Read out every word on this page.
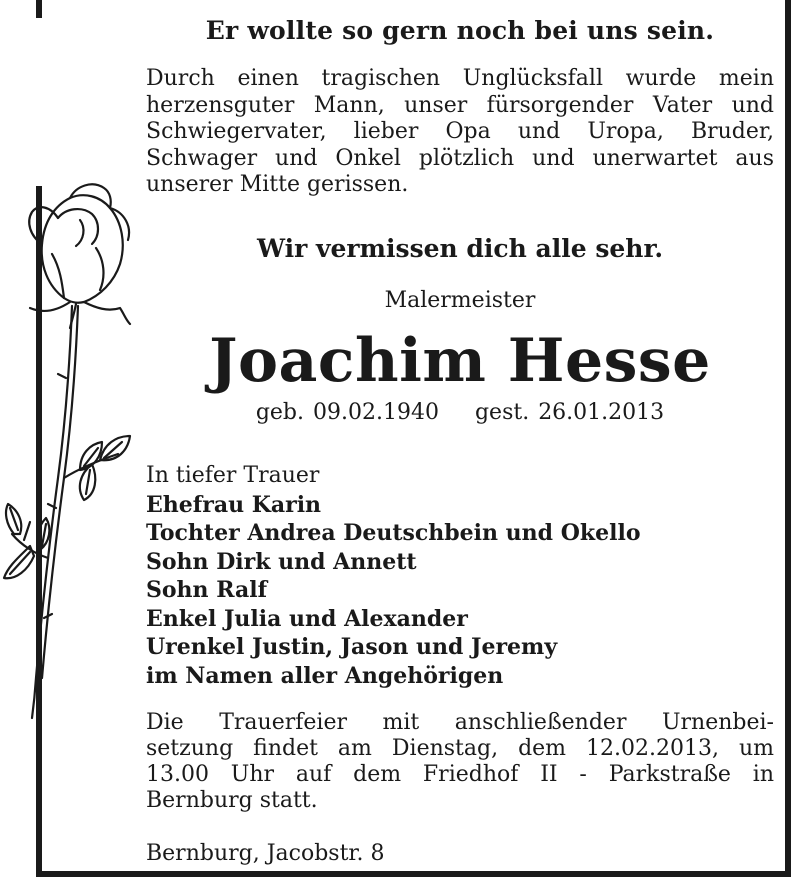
Er wollte so gern noch bei uns sein.
Durch einen tragischen Unglücksfall wurde mein
herzensguter Mann, unser fürsorgender Vater und
Schwiegervater, lieber Opa und Uropa, Bruder,
Schwager und Onkel plötzlich und unerwartet aus
unserer Mitte gerissen.
Wir vermissen dich alle sehr.
Malermeister
Joachim Hesse
geb. 09.02.1940 gest. 26.01.2013
In tiefer Trauer
Ehefrau Karin
Tochter Andrea Deutschbein und Okello
Sohn Dirk und Annett
Sohn Ralf
Enkel Julia und Alexander
Urenkel Justin, Jason und Jeremy
im Namen aller Angehörigen
Die Trauerfeier mit anschließender Urnenbei-
setzung findet am Dienstag, dem 12.02.2013, um
13.00 Uhr auf dem Friedhof II - Parkstraße in
Bernburg statt.
Bernburg, Jacobstr. 8
